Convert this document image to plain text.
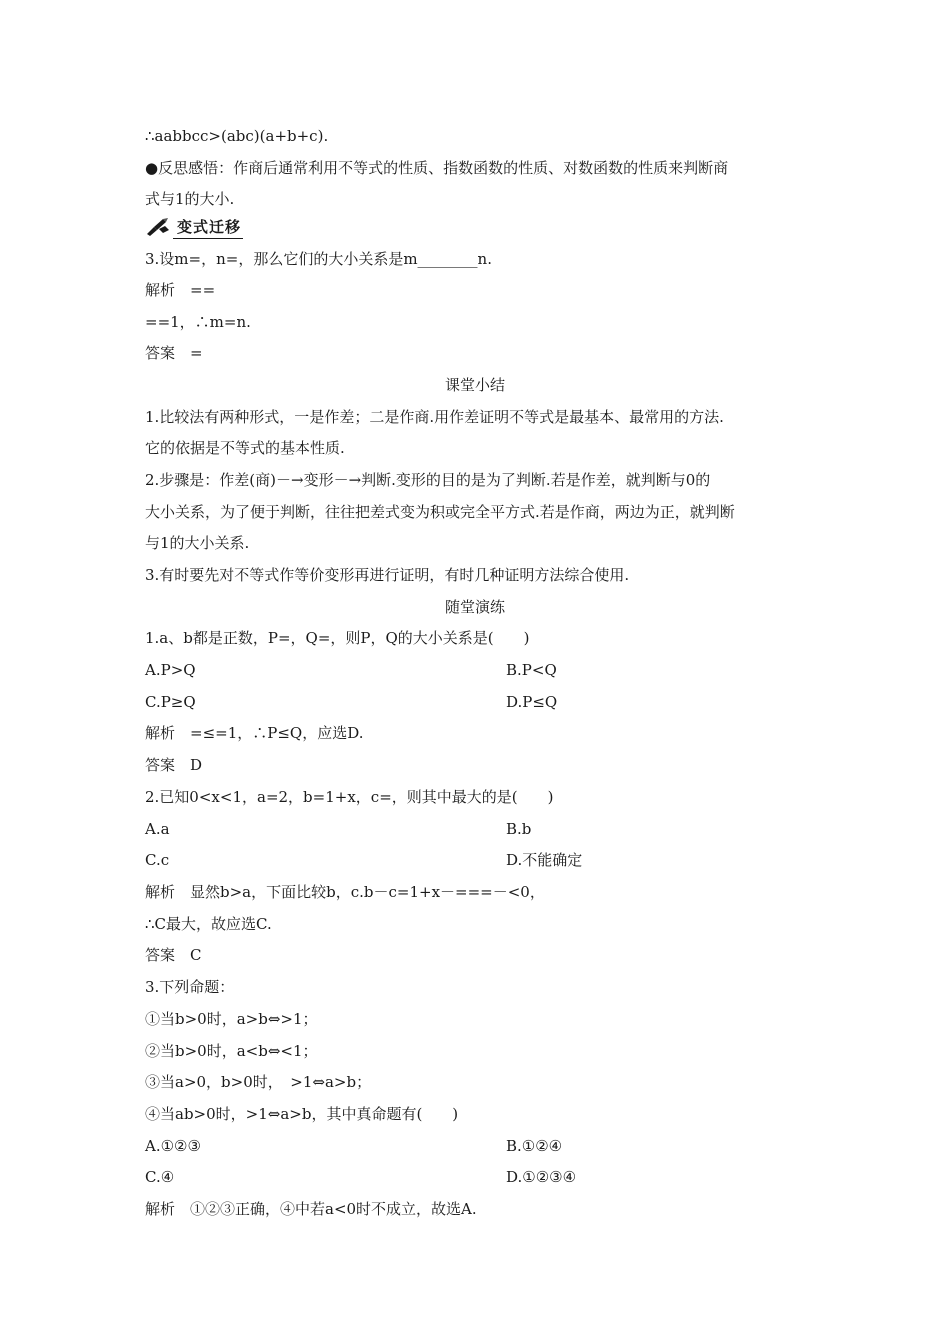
∴aabbcc>(abc)(a+b+c).
●反思感悟：作商后通常利用不等式的性质、指数函数的性质、对数函数的性质来判断商
式与1的大小.
变式迁移
3.设m=，n=，那么它们的大小关系是m________n.
解析　==
==1，∴m=n.
答案　=
课堂小结
1.比较法有两种形式，一是作差；二是作商.用作差证明不等式是最基本、最常用的方法.
它的依据是不等式的基本性质.
2.步骤是：作差(商)－→变形－→判断.变形的目的是为了判断.若是作差，就判断与0的
大小关系，为了便于判断，往往把差式变为积或完全平方式.若是作商，两边为正，就判断
与1的大小关系.
3.有时要先对不等式作等价变形再进行证明，有时几种证明方法综合使用.
随堂演练
1.a、b都是正数，P=，Q=，则P，Q的大小关系是(　　)
A.P>Q	B.P<Q
C.P≥Q	D.P≤Q
解析　=≤=1，∴P≤Q，应选D.
答案　D
2.已知0<x<1，a=2，b=1+x，c=，则其中最大的是(　　)
A.a	B.b
C.c	D.不能确定
解析　显然b>a，下面比较b，c.b－c=1+x－===－<0，
∴C最大，故应选C.
答案　C
3.下列命题：
①当b>0时，a>b⇔>1；
②当b>0时，a<b⇔<1；
③当a>0，b>0时，　>1⇔a>b；
④当ab>0时，>1⇔a>b，其中真命题有(　　)
A.①②③	B.①②④
C.④	D.①②③④
解析　①②③正确，④中若a<0时不成立，故选A.
